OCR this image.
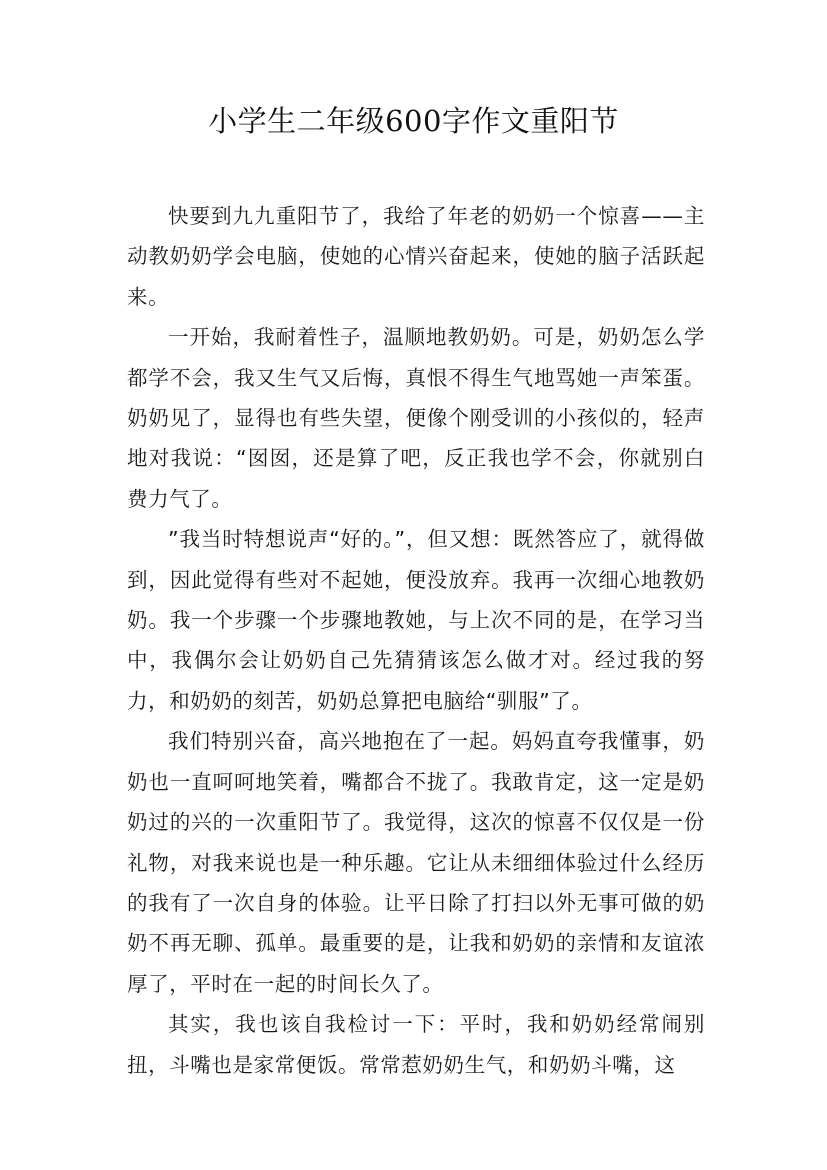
小学生二年级600字作文重阳节

快要到九九重阳节了，我给了年老的奶奶一个惊喜——主动教奶奶学会电脑，使她的心情兴奋起来，使她的脑子活跃起来。

一开始，我耐着性子，温顺地教奶奶。可是，奶奶怎么学都学不会，我又生气又后悔，真恨不得生气地骂她一声笨蛋。奶奶见了，显得也有些失望，便像个刚受训的小孩似的，轻声地对我说：“囡囡，还是算了吧，反正我也学不会，你就别白费力气了。

”我当时特想说声“好的。”，但又想：既然答应了，就得做到，因此觉得有些对不起她，便没放弃。我再一次细心地教奶奶。我一个步骤一个步骤地教她，与上次不同的是，在学习当中，我偶尔会让奶奶自己先猜猜该怎么做才对。经过我的努力，和奶奶的刻苦，奶奶总算把电脑给“驯服”了。

我们特别兴奋，高兴地抱在了一起。妈妈直夸我懂事，奶奶也一直呵呵地笑着，嘴都合不拢了。我敢肯定，这一定是奶奶过的兴的一次重阳节了。我觉得，这次的惊喜不仅仅是一份礼物，对我来说也是一种乐趣。它让从未细细体验过什么经历的我有了一次自身的体验。让平日除了打扫以外无事可做的奶奶不再无聊、孤单。最重要的是，让我和奶奶的亲情和友谊浓厚了，平时在一起的时间长久了。

其实，我也该自我检讨一下：平时，我和奶奶经常闹别扭，斗嘴也是家常便饭。常常惹奶奶生气，和奶奶斗嘴，这
